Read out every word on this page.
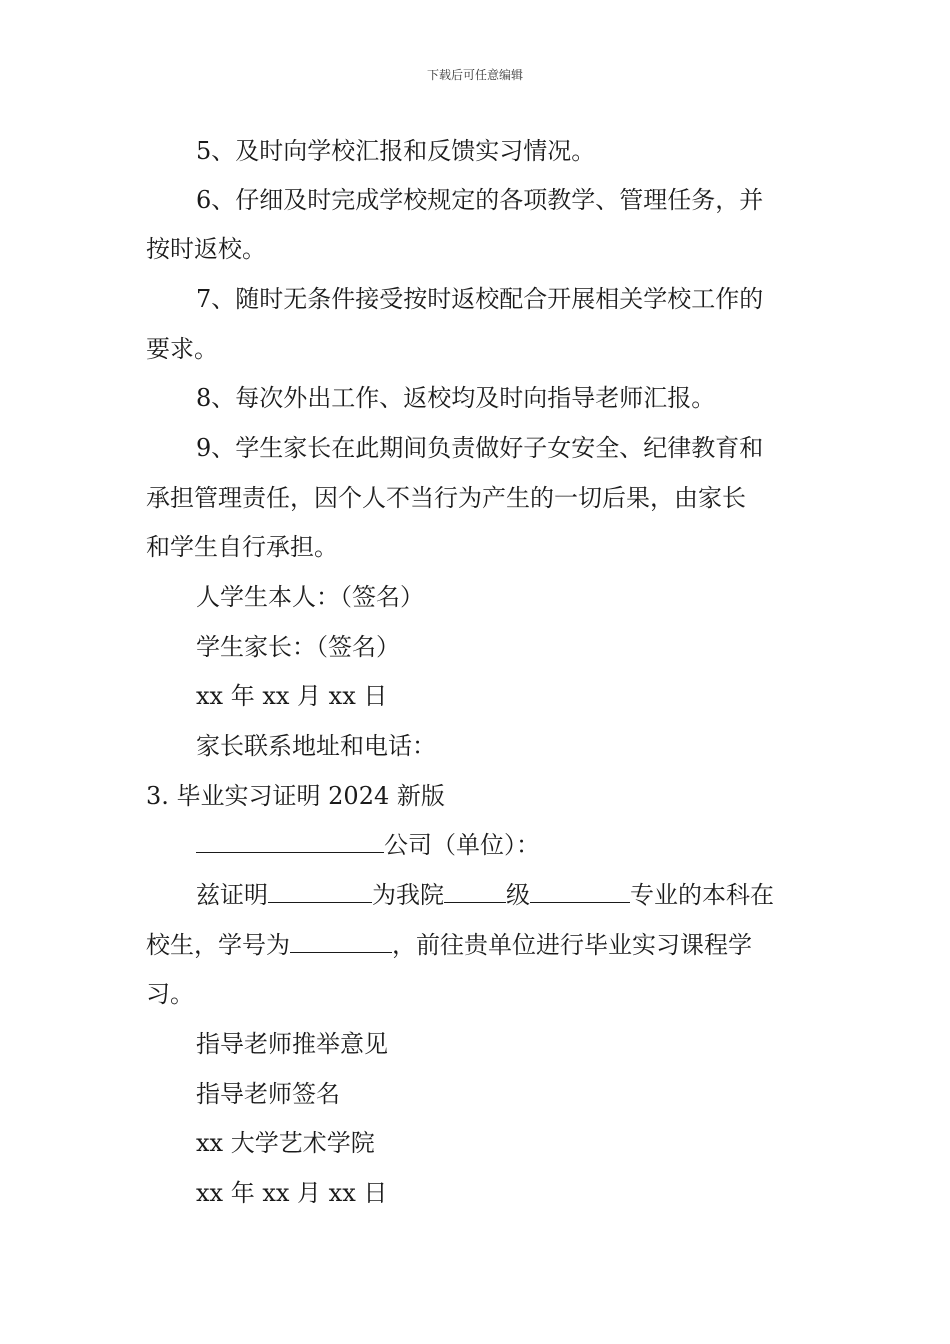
下载后可任意编辑
5、及时向学校汇报和反馈实习情况。
6、仔细及时完成学校规定的各项教学、管理任务，并
按时返校。
7、随时无条件接受按时返校配合开展相关学校工作的
要求。
8、每次外出工作、返校均及时向指导老师汇报。
9、学生家长在此期间负责做好子女安全、纪律教育和
承担管理责任，因个人不当行为产生的一切后果，由家长
和学生自行承担。
人学生本人：（签名）
学生家长：（签名）
xx 年 xx 月 xx 日
家长联系地址和电话：
3. 毕业实习证明 2024 新版
公司（单位）：
兹证明	为我院	级	专业的本科在
校生，学号为	，前往贵单位进行毕业实习课程学
习。
指导老师推举意见
指导老师签名
xx 大学艺术学院
xx 年 xx 月 xx 日
